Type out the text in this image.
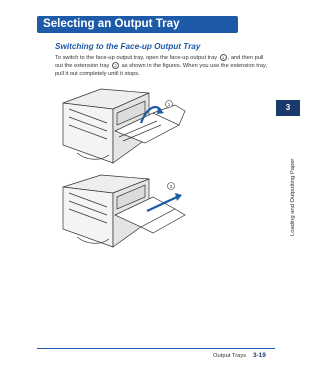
Selecting an Output Tray
Switching to the Face-up Output Tray
To switch to the face-up output tray, open the face-up output tray 1 , and then pull
out the extension tray 2 as shown in the figures. When you use the extension tray,
pull it out completely until it stops.
1
2
3
Loading and Outputting Paper
Output Trays 3-19
